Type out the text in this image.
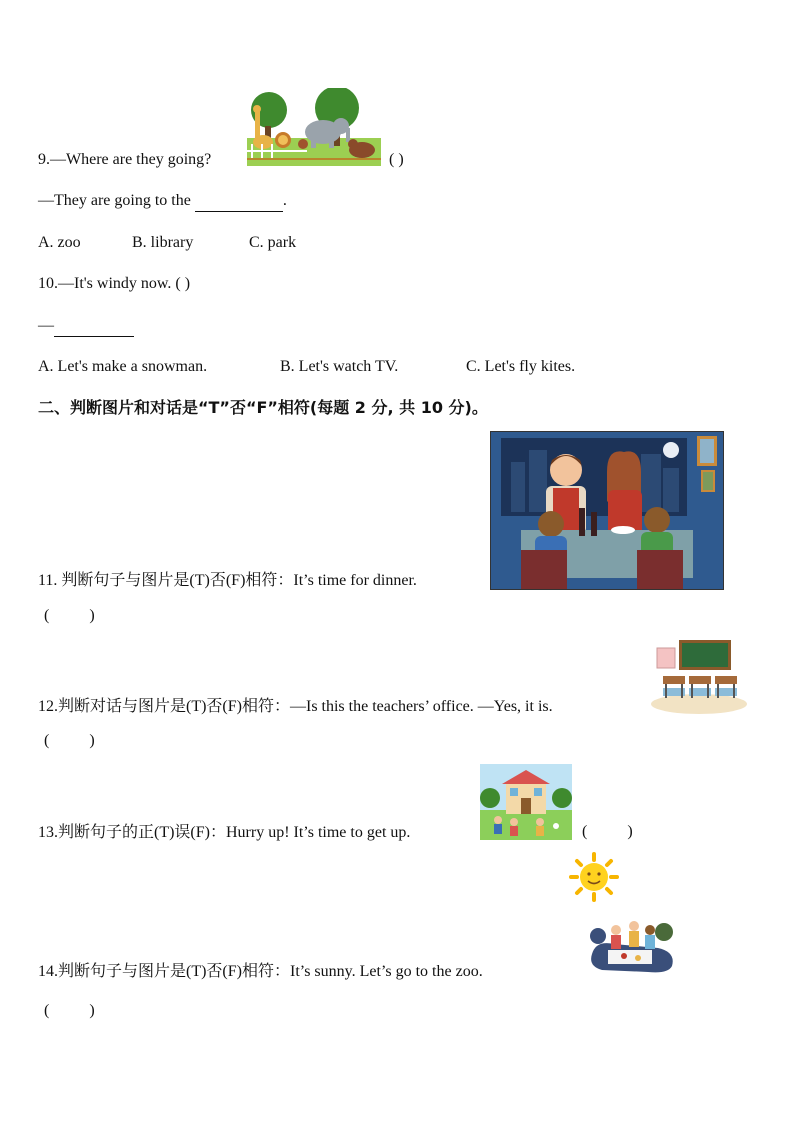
9.—Where are they going?	( )
—They are going to the	.
A. zoo	B. library	C. park
10.—It's windy now. ( )
—
A. Let's make a snowman.	B. Let's watch TV.	C. Let's fly kites.
二、判断图片和对话是“T”否“F”相符(每题 2 分, 共 10 分)。
11. 判断句子与图片是(T)否(F)相符：It’s time for dinner.
(          )
12.判断对话与图片是(T)否(F)相符：—Is this the teachers’ office. —Yes, it is.
(          )
13.判断句子的正(T)误(F)：Hurry up! It’s time to get up.	(          )
14.判断句子与图片是(T)否(F)相符：It’s sunny. Let’s go to the zoo.
(          )
